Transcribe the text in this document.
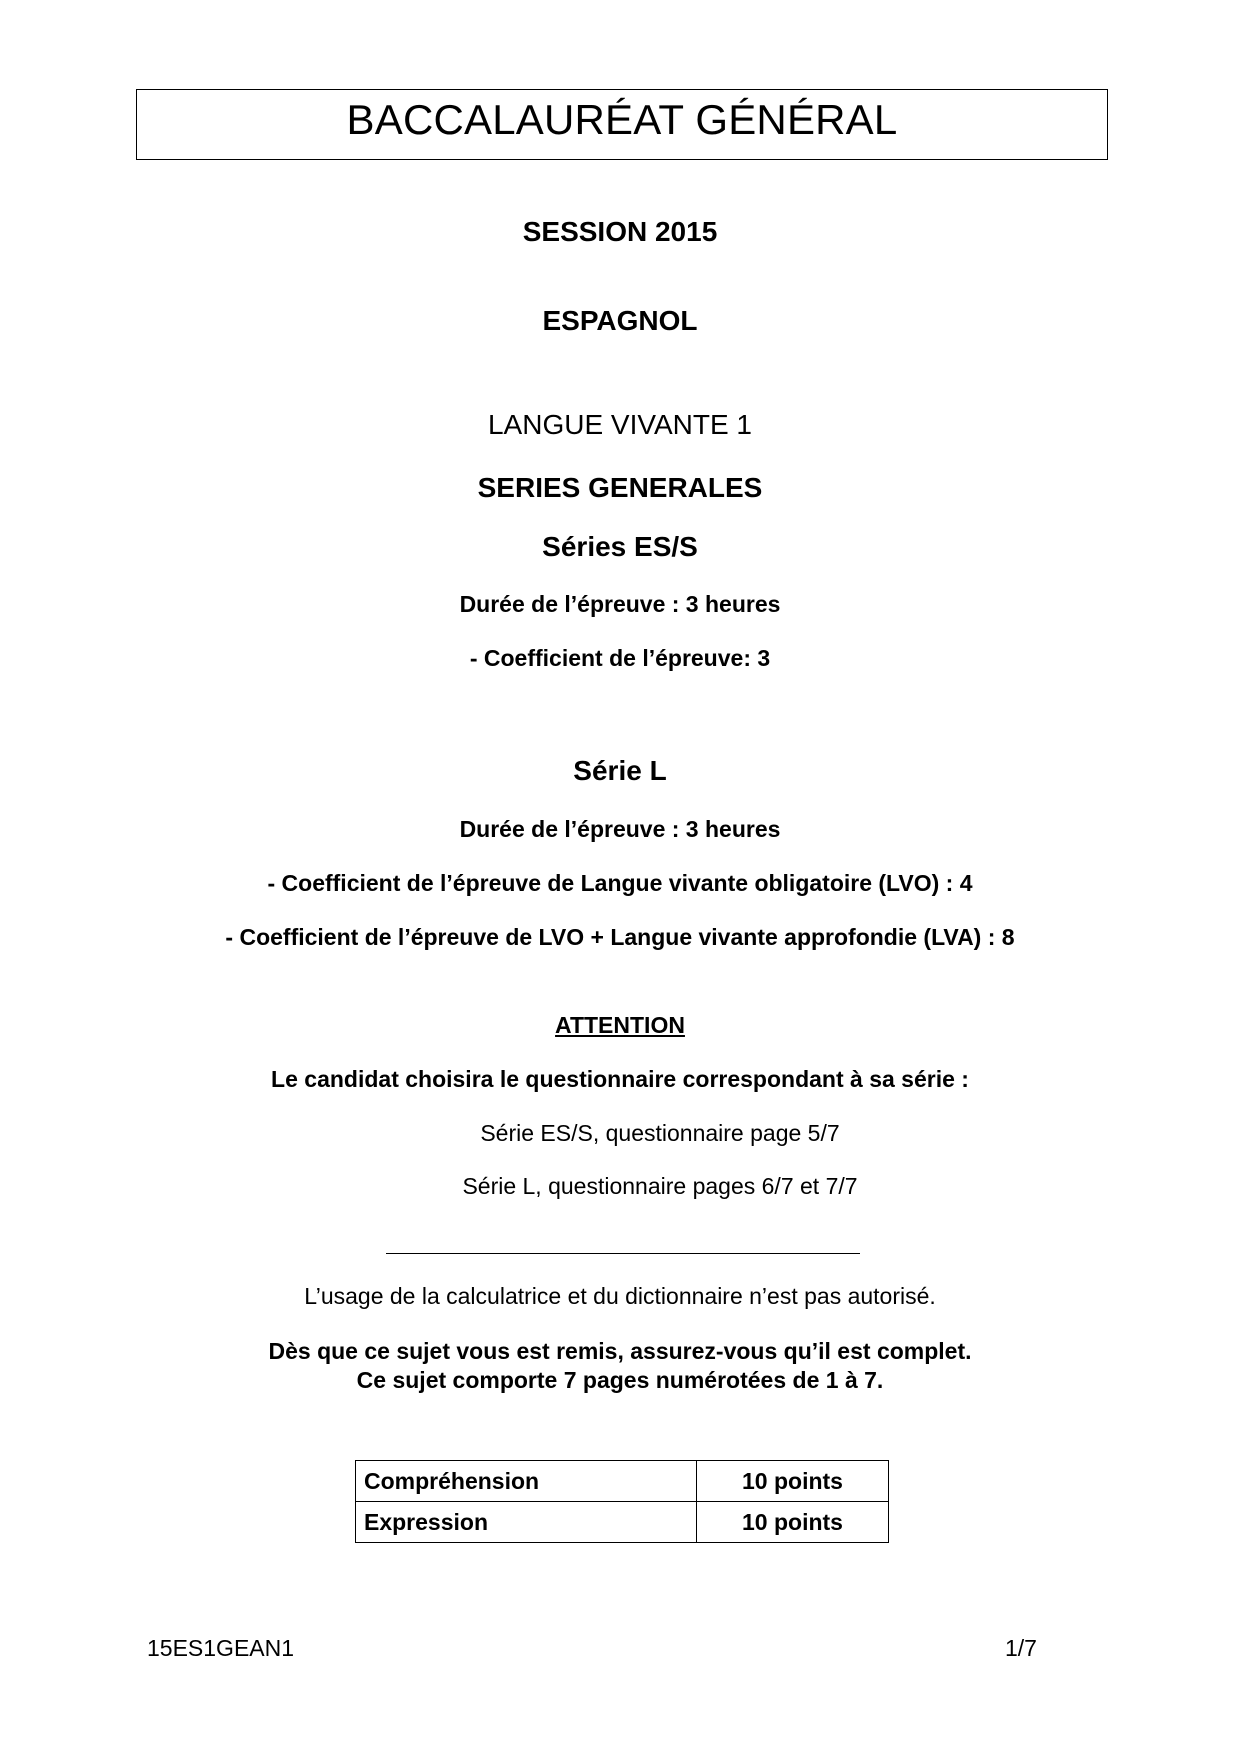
BACCALAURÉAT GÉNÉRAL
SESSION 2015
ESPAGNOL
LANGUE VIVANTE 1
SERIES GENERALES
Séries ES/S
Durée de l’épreuve : 3 heures
- Coefficient de l’épreuve: 3
Série L
Durée de l’épreuve : 3 heures
- Coefficient de l’épreuve de Langue vivante obligatoire (LVO) : 4
- Coefficient de l’épreuve de LVO + Langue vivante approfondie (LVA) : 8
ATTENTION
Le candidat choisira le questionnaire correspondant à sa série :
Série ES/S, questionnaire page 5/7
Série L, questionnaire pages 6/7 et 7/7
L’usage de la calculatrice et du dictionnaire n’est pas autorisé.
Dès que ce sujet vous est remis, assurez-vous qu’il est complet.
Ce sujet comporte 7 pages numérotées de 1 à 7.
Compréhension	10 points
Expression	10 points
15ES1GEAN1	1/7
